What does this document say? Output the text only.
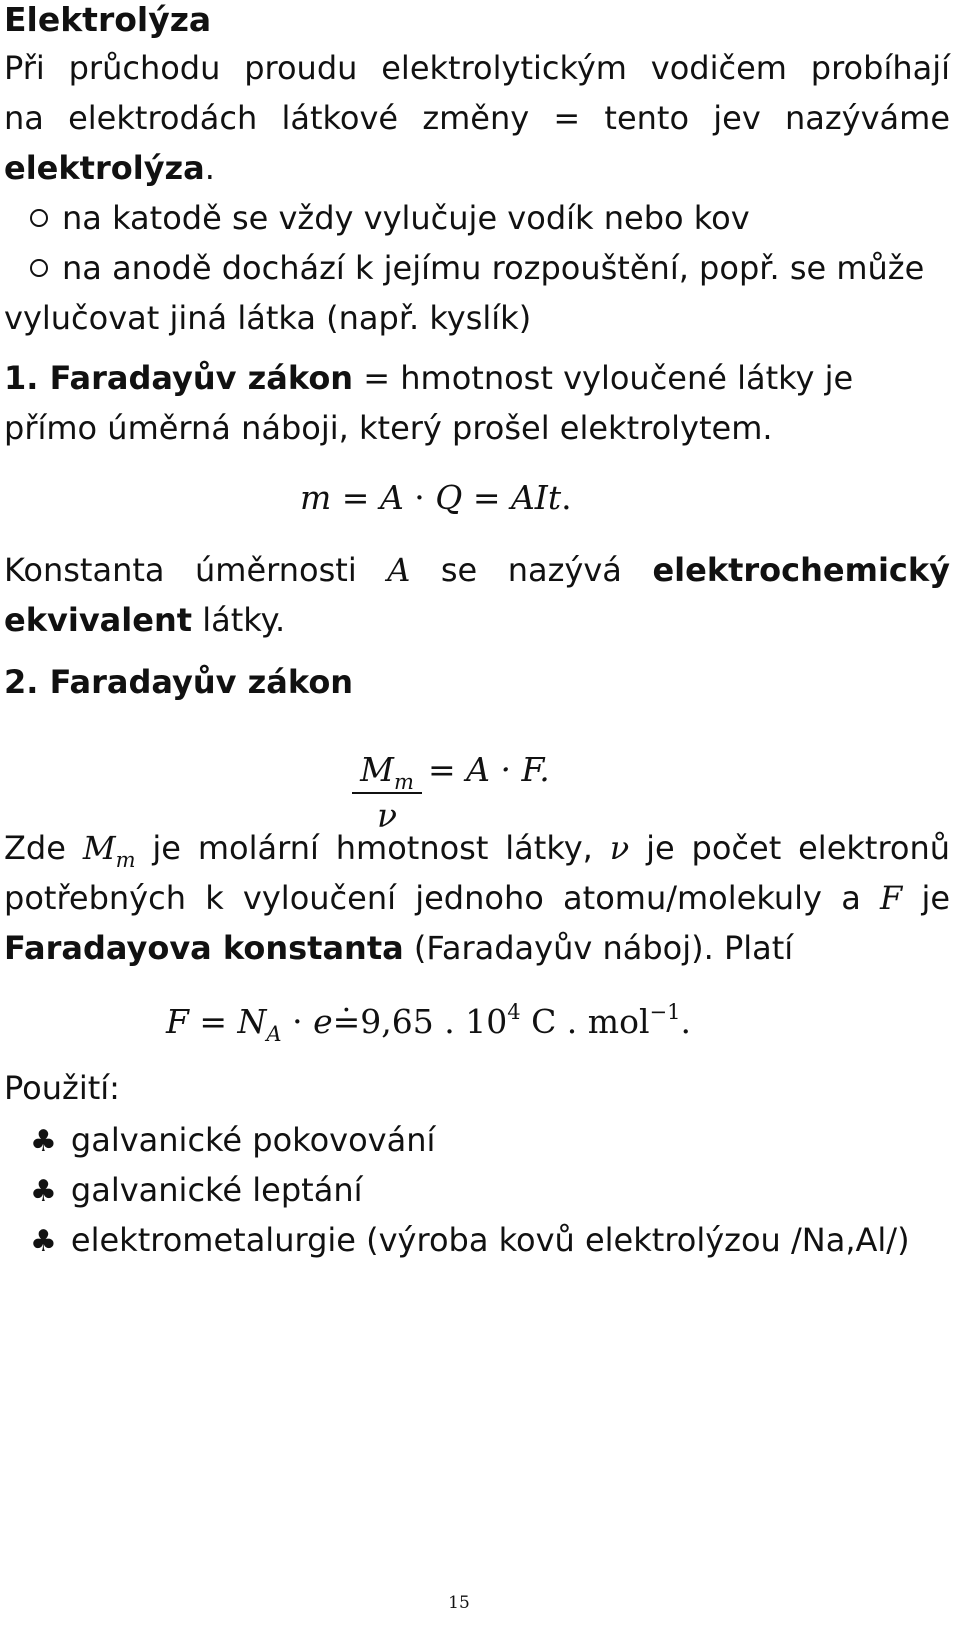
Elektrolýza
Při průchodu proudu elektrolytickým vodičem probíhají
na elektrodách látkové změny = tento jev nazýváme
elektrolýza.
na katodě se vždy vylučuje vodík nebo kov
na anodě dochází k jejímu rozpouštění, popř. se může
vylučovat jiná látka (např. kyslík)
1. Faradayův zákon = hmotnost vyloučené látky je
přímo úměrná náboji, který prošel elektrolytem.
m = A · Q = AIt.
Konstanta úměrnosti A se nazývá elektrochemický
ekvivalent látky.
2. Faradayův zákon
$M_m$
ν
= A · F.
Zde $M_m$ je molární hmotnost látky, ν je počet elektronů
potřebných k vyloučení jednoho atomu/molekuly a F je
Faradayova konstanta (Faradayův náboj). Platí
$F = N_A \cdot e= .9,65$ . $10^4$ C . mol$^{-1}$.
Použití:
♣ galvanické pokovování
♣ galvanické leptání
♣ elektrometalurgie (výroba kovů elektrolýzou /Na,Al/)
15
